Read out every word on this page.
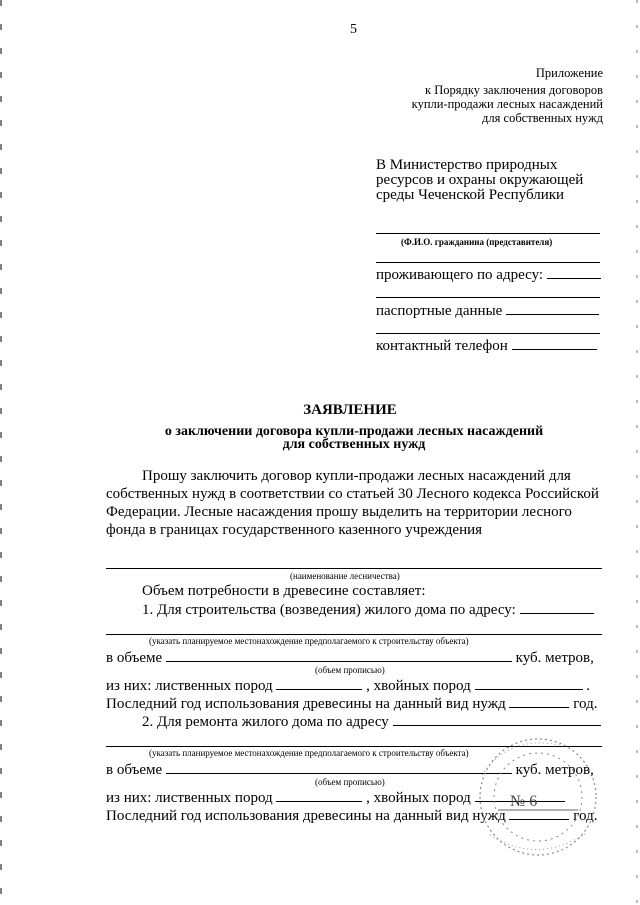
5
Приложение
к Порядку заключения договоров
купли-продажи лесных насаждений
для собственных нужд
В Министерство природных
ресурсов и охраны окружающей
среды Чеченской Республики
(Ф.И.О. гражданина (представителя)
проживающего по адресу:
паспортные данные
контактный телефон
ЗАЯВЛЕНИЕ
о заключении договора купли-продажи лесных насаждений
для собственных нужд
Прошу заключить договор купли-продажи лесных насаждений для
собственных нужд в соответствии со статьей 30 Лесного кодекса Российской
Федерации. Лесные насаждения прошу выделить на территории лесного
фонда в границах государственного казенного учреждения
(наименование лесничества)
Объем потребности в древесине составляет:
1. Для строительства (возведения) жилого дома по адресу:
(указать планируемое местонахождение предполагаемого к строительству объекта)
в объеме	куб. метров,
(объем прописью)
из них: лиственных пород	, хвойных пород	.
Последний год использования древесины на данный вид нужд	год.
2. Для ремонта жилого дома по адресу
(указать планируемое местонахождение предполагаемого к строительству объекта)
в объеме	куб. метров,
(объем прописью)
из них: лиственных пород	, хвойных пород
Последний год использования древесины на данный вид нужд	год.
№ 6
